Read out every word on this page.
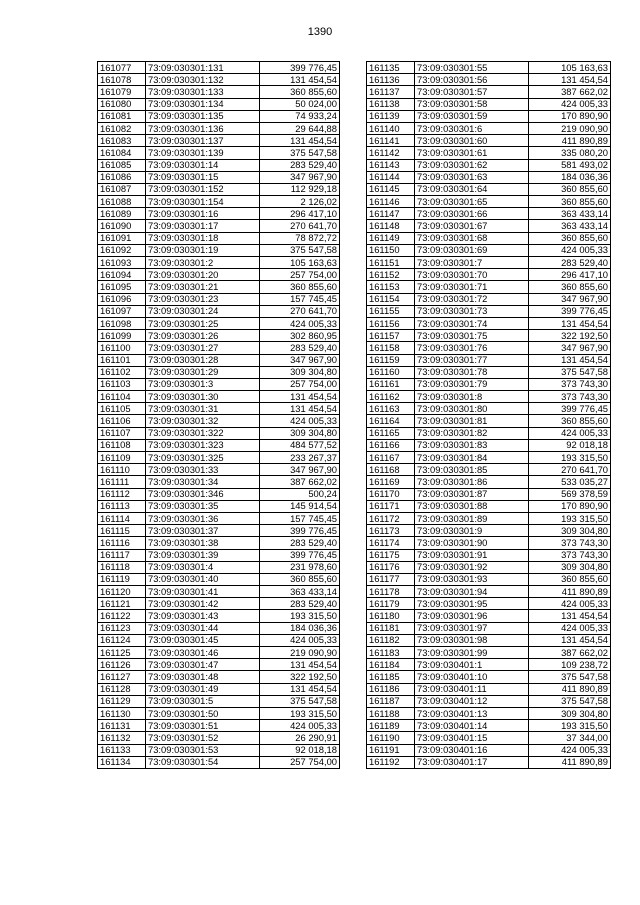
1390
161077	73:09:030301:131	399 776,45
161078	73:09:030301:132	131 454,54
161079	73:09:030301:133	360 855,60
161080	73:09:030301:134	50 024,00
161081	73:09:030301:135	74 933,24
161082	73:09:030301:136	29 644,88
161083	73:09:030301:137	131 454,54
161084	73:09:030301:139	375 547,58
161085	73:09:030301:14	283 529,40
161086	73:09:030301:15	347 967,90
161087	73:09:030301:152	112 929,18
161088	73:09:030301:154	2 126,02
161089	73:09:030301:16	296 417,10
161090	73:09:030301:17	270 641,70
161091	73:09:030301:18	78 872,72
161092	73:09:030301:19	375 547,58
161093	73:09:030301:2	105 163,63
161094	73:09:030301:20	257 754,00
161095	73:09:030301:21	360 855,60
161096	73:09:030301:23	157 745,45
161097	73:09:030301:24	270 641,70
161098	73:09:030301:25	424 005,33
161099	73:09:030301:26	302 860,95
161100	73:09:030301:27	283 529,40
161101	73:09:030301:28	347 967,90
161102	73:09:030301:29	309 304,80
161103	73:09:030301:3	257 754,00
161104	73:09:030301:30	131 454,54
161105	73:09:030301:31	131 454,54
161106	73:09:030301:32	424 005,33
161107	73:09:030301:322	309 304,80
161108	73:09:030301:323	484 577,52
161109	73:09:030301:325	233 267,37
161110	73:09:030301:33	347 967,90
161111	73:09:030301:34	387 662,02
161112	73:09:030301:346	500,24
161113	73:09:030301:35	145 914,54
161114	73:09:030301:36	157 745,45
161115	73:09:030301:37	399 776,45
161116	73:09:030301:38	283 529,40
161117	73:09:030301:39	399 776,45
161118	73:09:030301:4	231 978,60
161119	73:09:030301:40	360 855,60
161120	73:09:030301:41	363 433,14
161121	73:09:030301:42	283 529,40
161122	73:09:030301:43	193 315,50
161123	73:09:030301:44	184 036,36
161124	73:09:030301:45	424 005,33
161125	73:09:030301:46	219 090,90
161126	73:09:030301:47	131 454,54
161127	73:09:030301:48	322 192,50
161128	73:09:030301:49	131 454,54
161129	73:09:030301:5	375 547,58
161130	73:09:030301:50	193 315,50
161131	73:09:030301:51	424 005,33
161132	73:09:030301:52	26 290,91
161133	73:09:030301:53	92 018,18
161134	73:09:030301:54	257 754,00
161135	73:09:030301:55	105 163,63
161136	73:09:030301:56	131 454,54
161137	73:09:030301:57	387 662,02
161138	73:09:030301:58	424 005,33
161139	73:09:030301:59	170 890,90
161140	73:09:030301:6	219 090,90
161141	73:09:030301:60	411 890,89
161142	73:09:030301:61	335 080,20
161143	73:09:030301:62	581 493,02
161144	73:09:030301:63	184 036,36
161145	73:09:030301:64	360 855,60
161146	73:09:030301:65	360 855,60
161147	73:09:030301:66	363 433,14
161148	73:09:030301:67	363 433,14
161149	73:09:030301:68	360 855,60
161150	73:09:030301:69	424 005,33
161151	73:09:030301:7	283 529,40
161152	73:09:030301:70	296 417,10
161153	73:09:030301:71	360 855,60
161154	73:09:030301:72	347 967,90
161155	73:09:030301:73	399 776,45
161156	73:09:030301:74	131 454,54
161157	73:09:030301:75	322 192,50
161158	73:09:030301:76	347 967,90
161159	73:09:030301:77	131 454,54
161160	73:09:030301:78	375 547,58
161161	73:09:030301:79	373 743,30
161162	73:09:030301:8	373 743,30
161163	73:09:030301:80	399 776,45
161164	73:09:030301:81	360 855,60
161165	73:09:030301:82	424 005,33
161166	73:09:030301:83	92 018,18
161167	73:09:030301:84	193 315,50
161168	73:09:030301:85	270 641,70
161169	73:09:030301:86	533 035,27
161170	73:09:030301:87	569 378,59
161171	73:09:030301:88	170 890,90
161172	73:09:030301:89	193 315,50
161173	73:09:030301:9	309 304,80
161174	73:09:030301:90	373 743,30
161175	73:09:030301:91	373 743,30
161176	73:09:030301:92	309 304,80
161177	73:09:030301:93	360 855,60
161178	73:09:030301:94	411 890,89
161179	73:09:030301:95	424 005,33
161180	73:09:030301:96	131 454,54
161181	73:09:030301:97	424 005,33
161182	73:09:030301:98	131 454,54
161183	73:09:030301:99	387 662,02
161184	73:09:030401:1	109 238,72
161185	73:09:030401:10	375 547,58
161186	73:09:030401:11	411 890,89
161187	73:09:030401:12	375 547,58
161188	73:09:030401:13	309 304,80
161189	73:09:030401:14	193 315,50
161190	73:09:030401:15	37 344,00
161191	73:09:030401:16	424 005,33
161192	73:09:030401:17	411 890,89
